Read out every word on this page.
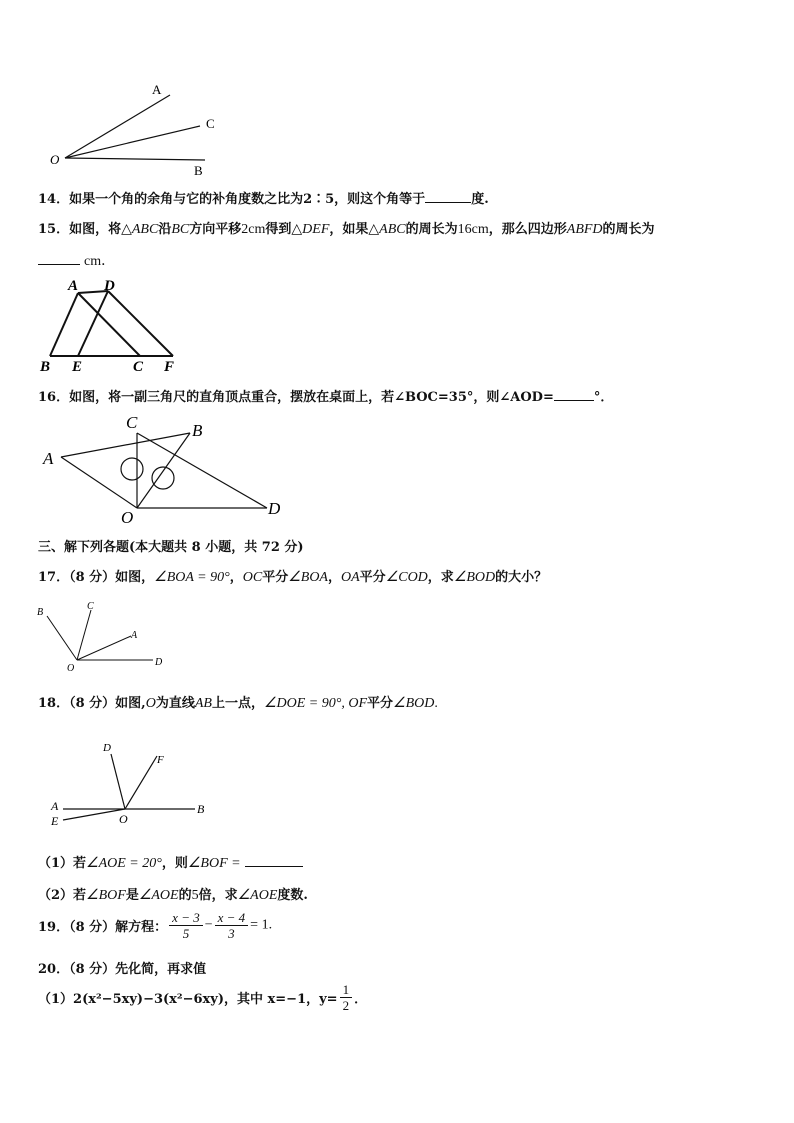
A
C
O
B
14．如果一个角的余角与它的补角度数之比为2∶5，则这个角等于	度.
15．如图，将△ABC沿BC方向平移2cm得到△DEF，如果△ABC的周长为16cm，那么四边形ABFD的周长为
cm．
A D
B E	C F
16．如图，将一副三角尺的直角顶点重合，摆放在桌面上，若∠BOC=35°，则∠AOD=	°．
C	B
A
O	D
三、解下列各题(本大题共 8 小题，共 72 分)
17．（8 分）如图，∠BOA = 90°，OC平分∠BOA，OA平分∠COD，求∠BOD的大小？
B
C
A
O
D
18．（8 分）如图,O为直线AB上一点，∠DOE = 90°, OF平分∠BOD.
D
F
A	B
E	O
（1）若∠AOE = 20°，则∠BOF =
（2）若∠BOF是∠AOE的5倍，求∠AOE度数.
19．（8 分）解方程： $\frac{x - 3}{5} - \frac{x - 4}{3} = 1$.
20．（8 分）先化简，再求值
（1）2(x²−5xy)−3(x²−6xy)，其中 x=−1，$y= \frac{1}{2}$ ．
